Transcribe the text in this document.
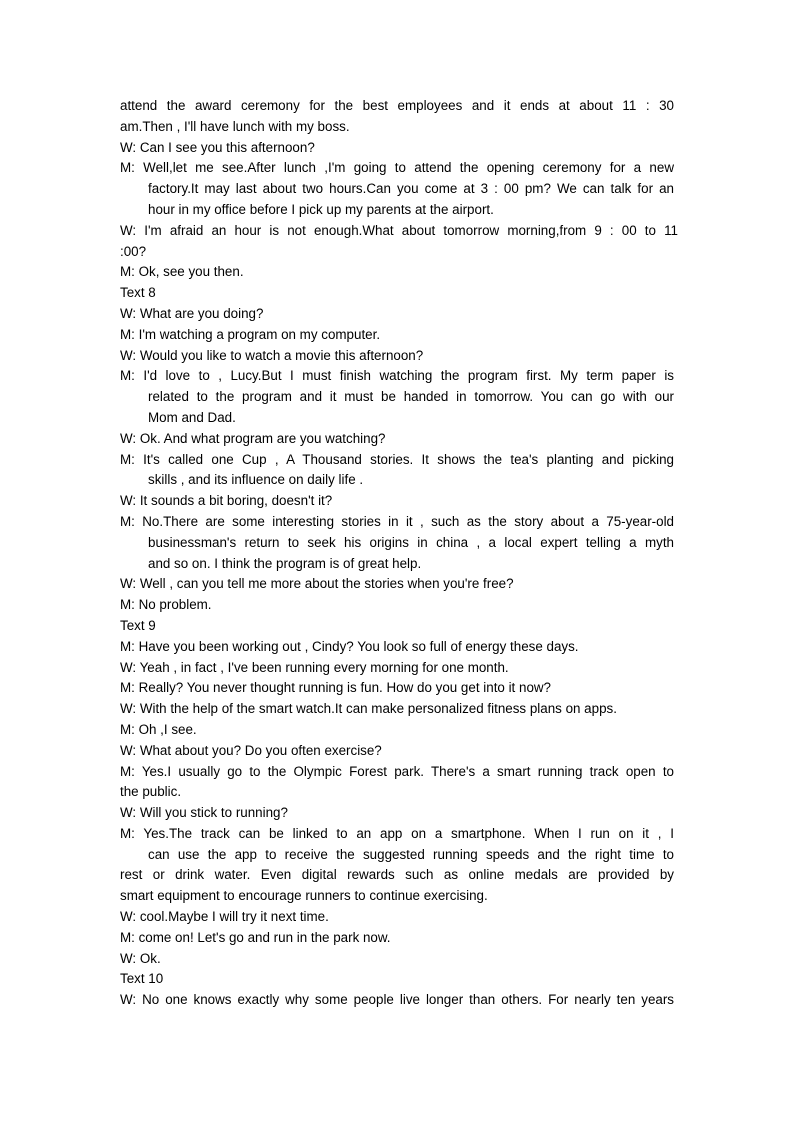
attend the award ceremony for the best employees and it ends at about 11 : 30
am.Then , I'll have lunch with my boss.
W: Can I see you this afternoon?
M: Well,let me see.After lunch ,I'm going to attend the opening ceremony for a new
factory.It may last about two hours.Can you come at 3 : 00 pm? We can talk for an
hour in my office before I pick up my parents at the airport.
W: I'm afraid an hour is not enough.What about tomorrow morning,from 9 : 00 to 11
:00?
M: Ok, see you then.
Text 8
W: What are you doing?
M: I'm watching a program on my computer.
W: Would you like to watch a movie this afternoon?
M: I'd love to , Lucy.But I must finish watching the program first. My term paper is
related to the program and it must be handed in tomorrow. You can go with our
Mom and Dad.
W: Ok. And what program are you watching?
M: It's called one Cup , A Thousand stories. It shows the tea's planting and picking
skills , and its influence on daily life .
W: It sounds a bit boring, doesn't it?
M: No.There are some interesting stories in it , such as the story about a 75-year-old
businessman's return to seek his origins in china , a local expert telling a myth
and so on. I think the program is of great help.
W: Well , can you tell me more about the stories when you're free?
M: No problem.
Text 9
M: Have you been working out , Cindy? You look so full of energy these days.
W: Yeah , in fact , I've been running every morning for one month.
M: Really? You never thought running is fun. How do you get into it now?
W: With the help of the smart watch.It can make personalized fitness plans on apps.
M: Oh ,I see.
W: What about you? Do you often exercise?
M: Yes.I usually go to the Olympic Forest park. There's a smart running track open to
the public.
W: Will you stick to running?
M: Yes.The track can be linked to an app on a smartphone. When I run on it , I
can use the app to receive the suggested running speeds and the right time to
rest or drink water. Even digital rewards such as online medals are provided by
smart equipment to encourage runners to continue exercising.
W: cool.Maybe I will try it next time.
M: come on! Let's go and run in the park now.
W: Ok.
Text 10
W: No one knows exactly why some people live longer than others. For nearly ten years
